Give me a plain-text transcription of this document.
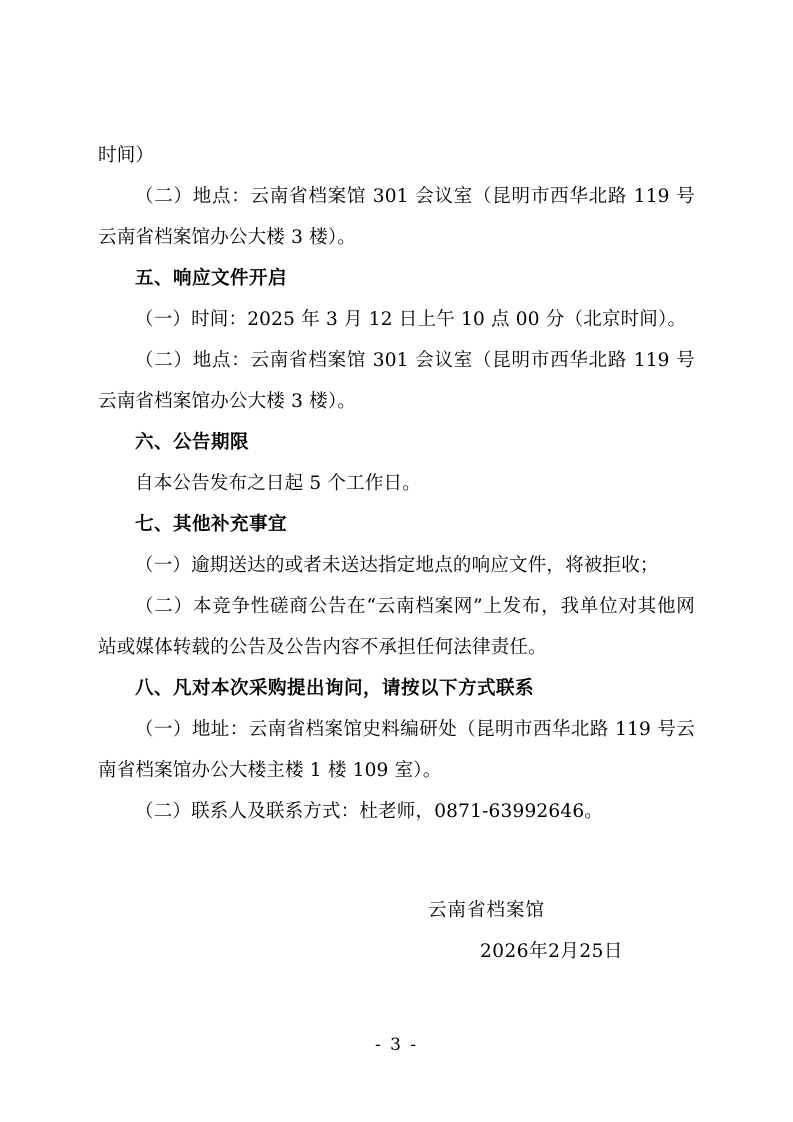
时间）

（二）地点：云南省档案馆 301 会议室（昆明市西华北路 119 号云南省档案馆办公大楼 3 楼）。

五、响应文件开启

（一）时间：2025 年 3 月 12 日上午 10 点 00 分（北京时间）。

（二）地点：云南省档案馆 301 会议室（昆明市西华北路 119 号云南省档案馆办公大楼 3 楼）。

六、公告期限

自本公告发布之日起 5 个工作日。

七、其他补充事宜

（一）逾期送达的或者未送达指定地点的响应文件，将被拒收；

（二）本竞争性磋商公告在“云南档案网”上发布，我单位对其他网站或媒体转载的公告及公告内容不承担任何法律责任。

八、凡对本次采购提出询问，请按以下方式联系

（一）地址：云南省档案馆史料编研处（昆明市西华北路 119 号云南省档案馆办公大楼主楼 1 楼 109 室）。

（二）联系人及联系方式：杜老师，0871-63992646。

云南省档案馆

2026年2月25日

- 3 -
